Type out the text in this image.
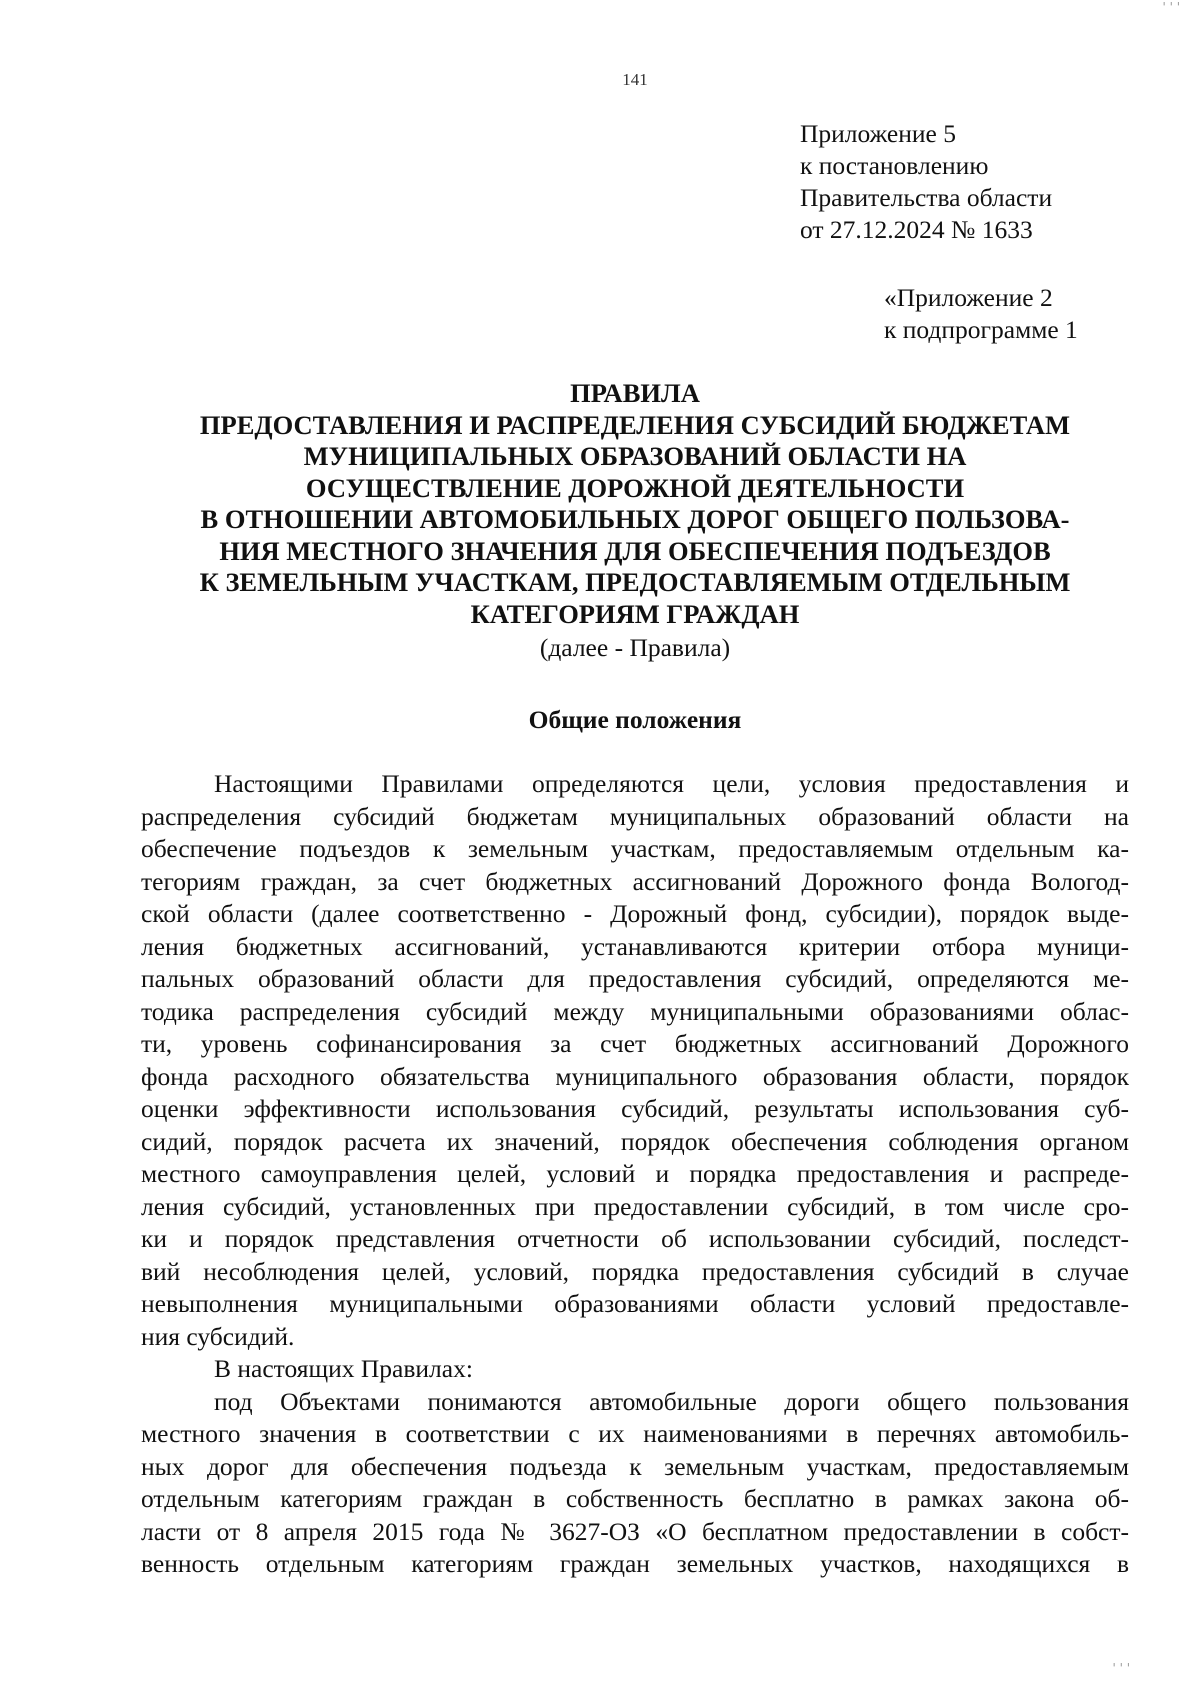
' ' '
141
Приложение 5
к постановлению
Правительства области
от 27.12.2024 № 1633
«Приложение 2
к подпрограмме 1
ПРАВИЛА
ПРЕДОСТАВЛЕНИЯ И РАСПРЕДЕЛЕНИЯ СУБСИДИЙ БЮДЖЕТАМ
МУНИЦИПАЛЬНЫХ ОБРАЗОВАНИЙ ОБЛАСТИ НА
ОСУЩЕСТВЛЕНИЕ ДОРОЖНОЙ ДЕЯТЕЛЬНОСТИ
В ОТНОШЕНИИ АВТОМОБИЛЬНЫХ ДОРОГ ОБЩЕГО ПОЛЬЗОВА-
НИЯ МЕСТНОГО ЗНАЧЕНИЯ ДЛЯ ОБЕСПЕЧЕНИЯ ПОДЪЕЗДОВ
К ЗЕМЕЛЬНЫМ УЧАСТКАМ, ПРЕДОСТАВЛЯЕМЫМ ОТДЕЛЬНЫМ
КАТЕГОРИЯМ ГРАЖДАН
(далее - Правила)
Общие положения
Настоящими Правилами определяются цели, условия предоставления и
распределения субсидий бюджетам муниципальных образований области на
обеспечение подъездов к земельным участкам, предоставляемым отдельным ка-
тегориям граждан, за счет бюджетных ассигнований Дорожного фонда Вологод-
ской области (далее соответственно - Дорожный фонд, субсидии), порядок выде-
ления бюджетных ассигнований, устанавливаются критерии отбора муници-
пальных образований области для предоставления субсидий, определяются ме-
тодика распределения субсидий между муниципальными образованиями облас-
ти, уровень софинансирования за счет бюджетных ассигнований Дорожного
фонда расходного обязательства муниципального образования области, порядок
оценки эффективности использования субсидий, результаты использования суб-
сидий, порядок расчета их значений, порядок обеспечения соблюдения органом
местного самоуправления целей, условий и порядка предоставления и распреде-
ления субсидий, установленных при предоставлении субсидий, в том числе сро-
ки и порядок представления отчетности об использовании субсидий, последст-
вий несоблюдения целей, условий, порядка предоставления субсидий в случае
невыполнения муниципальными образованиями области условий предоставле-
ния субсидий.
В настоящих Правилах:
под Объектами понимаются автомобильные дороги общего пользования
местного значения в соответствии с их наименованиями в перечнях автомобиль-
ных дорог для обеспечения подъезда к земельным участкам, предоставляемым
отдельным категориям граждан в собственность бесплатно в рамках закона об-
ласти от 8 апреля 2015 года № 3627-ОЗ «О бесплатном предоставлении в собст-
венность отдельным категориям граждан земельных участков, находящихся в
' ' '
